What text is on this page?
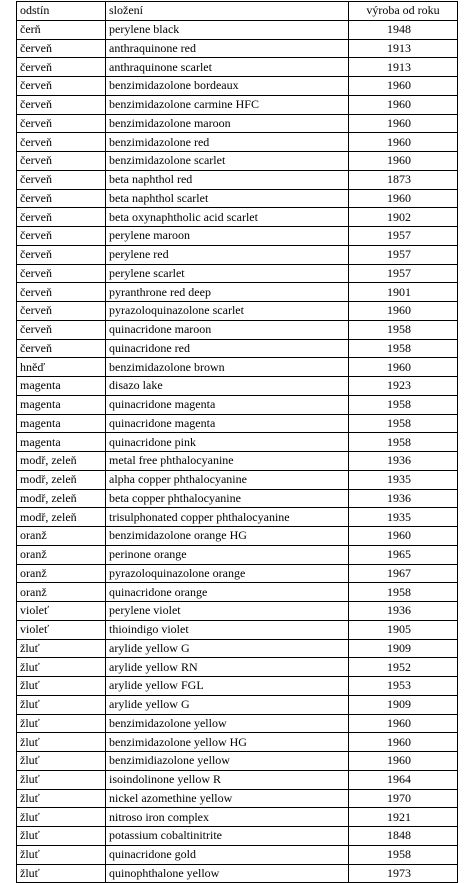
odstín	složení	výroba od roku
čerň	perylene black	1948
červeň	anthraquinone red	1913
červeň	anthraquinone scarlet	1913
červeň	benzimidazolone bordeaux	1960
červeň	benzimidazolone carmine HFC	1960
červeň	benzimidazolone maroon	1960
červeň	benzimidazolone red	1960
červeň	benzimidazolone scarlet	1960
červeň	beta naphthol red	1873
červeň	beta naphthol scarlet	1960
červeň	beta oxynaphtholic acid scarlet	1902
červeň	perylene maroon	1957
červeň	perylene red	1957
červeň	perylene scarlet	1957
červeň	pyranthrone red deep	1901
červeň	pyrazoloquinazolone scarlet	1960
červeň	quinacridone maroon	1958
červeň	quinacridone red	1958
hněď	benzimidazolone brown	1960
magenta	disazo lake	1923
magenta	quinacridone magenta	1958
magenta	quinacridone magenta	1958
magenta	quinacridone pink	1958
modř, zeleň	metal free phthalocyanine	1936
modř, zeleň	alpha copper phthalocyanine	1935
modř, zeleň	beta copper phthalocyanine	1936
modř, zeleň	trisulphonated copper phthalocyanine	1935
oranž	benzimidazolone orange HG	1960
oranž	perinone orange	1965
oranž	pyrazoloquinazolone orange	1967
oranž	quinacridone orange	1958
violeť	perylene violet	1936
violeť	thioindigo violet	1905
žluť	arylide yellow G	1909
žluť	arylide yellow RN	1952
žluť	arylide yellow FGL	1953
žluť	arylide yellow G	1909
žluť	benzimidazolone yellow	1960
žluť	benzimidazolone yellow HG	1960
žluť	benzimidiazolone yellow	1960
žluť	isoindolinone yellow R	1964
žluť	nickel azomethine yellow	1970
žluť	nitroso iron complex	1921
žluť	potassium cobaltinitrite	1848
žluť	quinacridone gold	1958
žluť	quinophthalone yellow	1973
